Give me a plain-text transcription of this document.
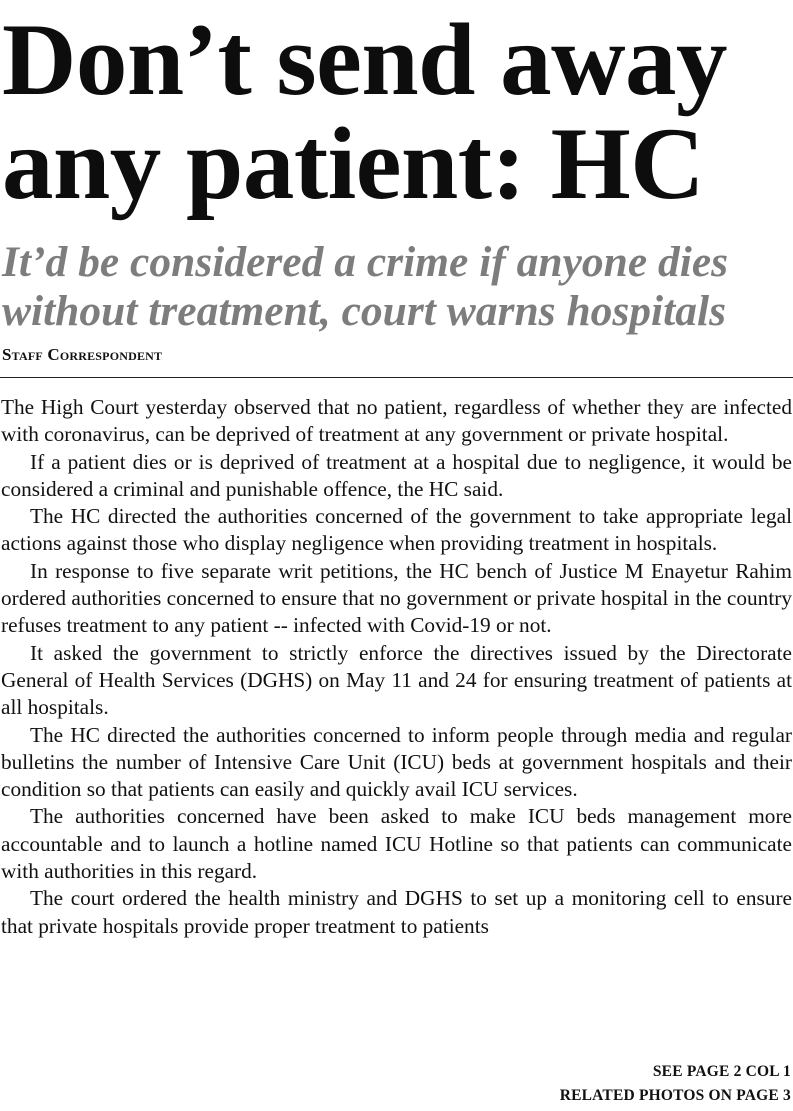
Don’t send away any patient: HC
It’d be considered a crime if anyone dies without treatment, court warns hospitals
Staff Correspondent

The High Court yesterday observed that no patient, regardless of whether they are infected with coronavirus, can be deprived of treatment at any government or private hospital.

If a patient dies or is deprived of treatment at a hospital due to negligence, it would be considered a criminal and punishable offence, the HC said.

The HC directed the authorities concerned of the government to take appropriate legal actions against those who display negligence when providing treatment in hospitals.

In response to five separate writ petitions, the HC bench of Justice M Enayetur Rahim ordered authorities concerned to ensure that no government or private hospital in the country refuses treatment to any patient -- infected with Covid-19 or not.

It asked the government to strictly enforce the directives issued by the Directorate General of Health Services (DGHS) on May 11 and 24 for ensuring treatment of patients at all hospitals.

The HC directed the authorities concerned to inform people through media and regular bulletins the number of Intensive Care Unit (ICU) beds at government hospitals and their condition so that patients can easily and quickly avail ICU services.

The authorities concerned have been asked to make ICU beds management more accountable and to launch a hotline named ICU Hotline so that patients can communicate with authorities in this regard.

The court ordered the health ministry and DGHS to set up a monitoring cell to ensure that private hospitals provide proper treatment to patients

SEE PAGE 2 COL 1
RELATED PHOTOS ON PAGE 3
